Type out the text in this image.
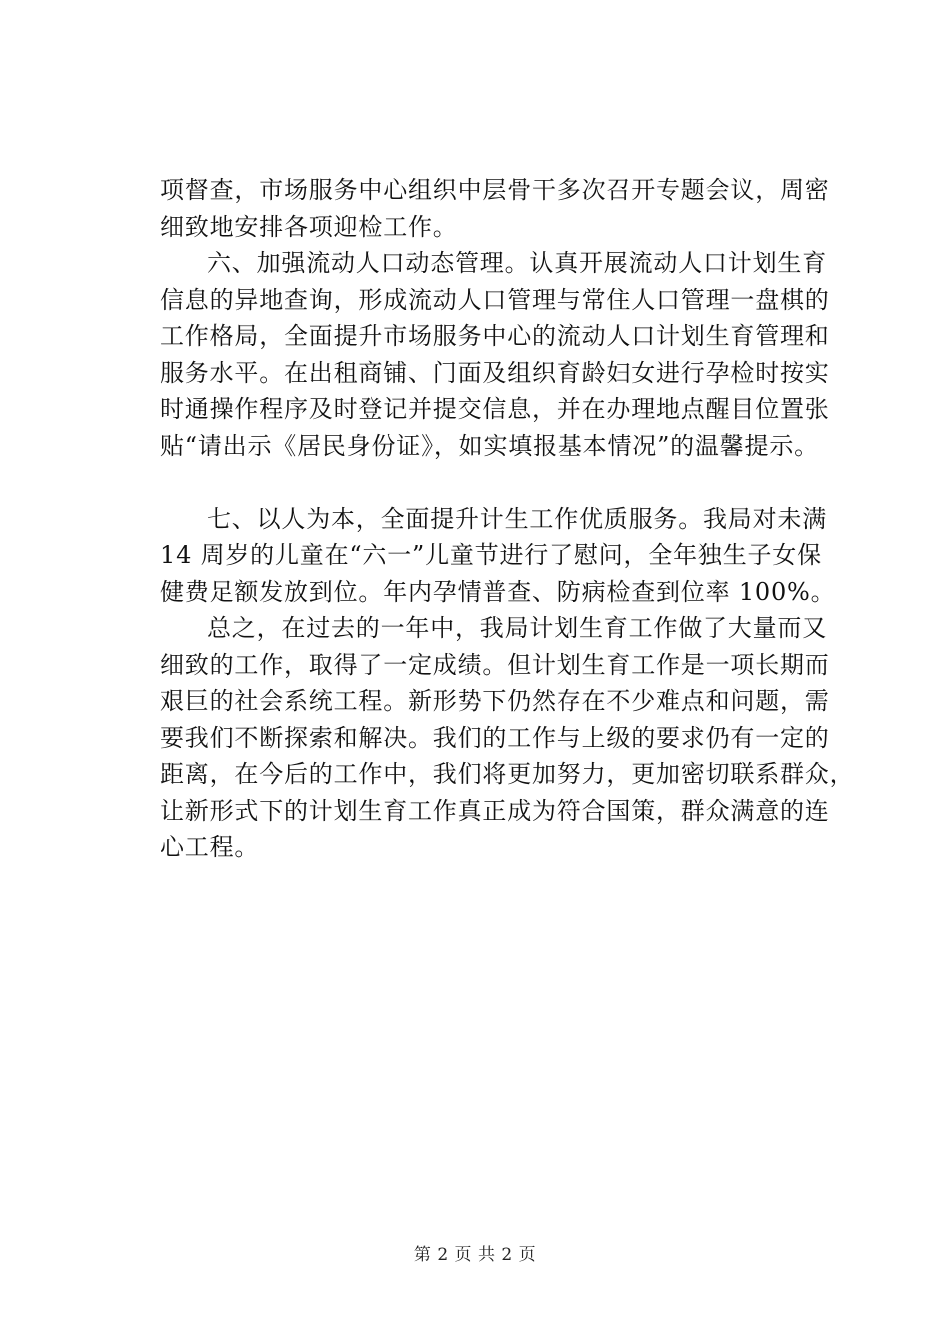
项督查，市场服务中心组织中层骨干多次召开专题会议，周密
细致地安排各项迎检工作。
六、加强流动人口动态管理。认真开展流动人口计划生育
信息的异地查询，形成流动人口管理与常住人口管理一盘棋的
工作格局，全面提升市场服务中心的流动人口计划生育管理和
服务水平。在出租商铺、门面及组织育龄妇女进行孕检时按实
时通操作程序及时登记并提交信息，并在办理地点醒目位置张
贴“请出示《居民身份证》，如实填报基本情况”的温馨提示。
七、以人为本，全面提升计生工作优质服务。我局对未满
14 周岁的儿童在“六一”儿童节进行了慰问，全年独生子女保
健费足额发放到位。年内孕情普查、防病检查到位率 100%。
总之，在过去的一年中，我局计划生育工作做了大量而又
细致的工作，取得了一定成绩。但计划生育工作是一项长期而
艰巨的社会系统工程。新形势下仍然存在不少难点和问题，需
要我们不断探索和解决。我们的工作与上级的要求仍有一定的
距离，在今后的工作中，我们将更加努力，更加密切联系群众，
让新形式下的计划生育工作真正成为符合国策，群众满意的连
心工程。
第 2 页 共 2 页
